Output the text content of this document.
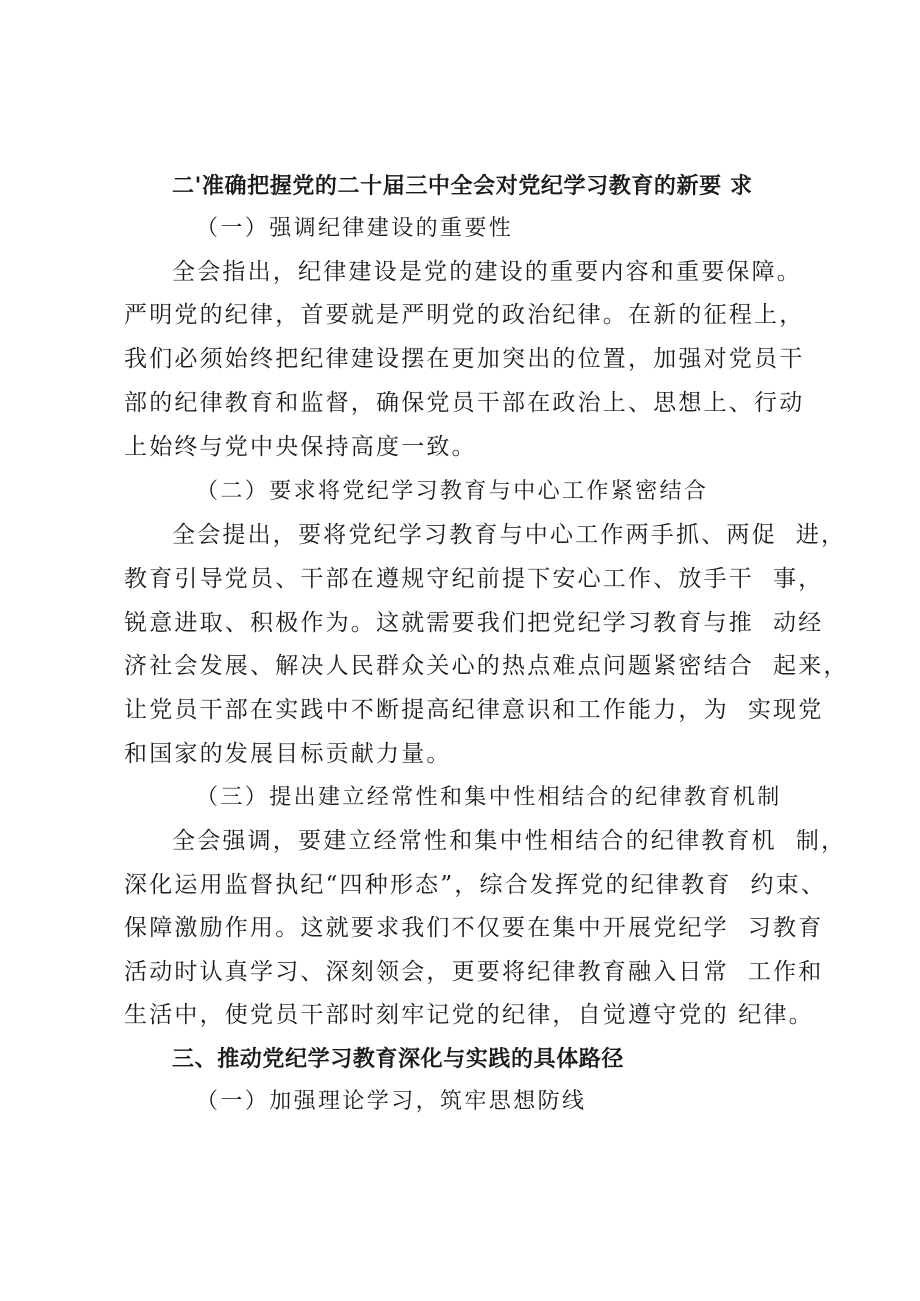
二'准确把握党的二十届三中全会对党纪学习教育的新要 求
（一）强调纪律建设的重要性
全会指出，纪律建设是党的建设的重要内容和重要保障。
严明党的纪律，首要就是严明党的政治纪律。在新的征程上，
我们必须始终把纪律建设摆在更加突出的位置，加强对党员干
部的纪律教育和监督，确保党员干部在政治上、思想上、行动
上始终与党中央保持高度一致。
（二）要求将党纪学习教育与中心工作紧密结合
全会提出，要将党纪学习教育与中心工作两手抓、两促  进，
教育引导党员、干部在遵规守纪前提下安心工作、放手干  事，
锐意进取、积极作为。这就需要我们把党纪学习教育与推  动经
济社会发展、解决人民群众关心的热点难点问题紧密结合  起来，
让党员干部在实践中不断提高纪律意识和工作能力，为  实现党
和国家的发展目标贡献力量。
（三）提出建立经常性和集中性相结合的纪律教育机制
全会强调，要建立经常性和集中性相结合的纪律教育机  制，
深化运用监督执纪“四种形态”，综合发挥党的纪律教育  约束、
保障激励作用。这就要求我们不仅要在集中开展党纪学  习教育
活动时认真学习、深刻领会，更要将纪律教育融入日常  工作和
生活中，使党员干部时刻牢记党的纪律，自觉遵守党的 纪律。
三、推动党纪学习教育深化与实践的具体路径
（一）加强理论学习，筑牢思想防线
